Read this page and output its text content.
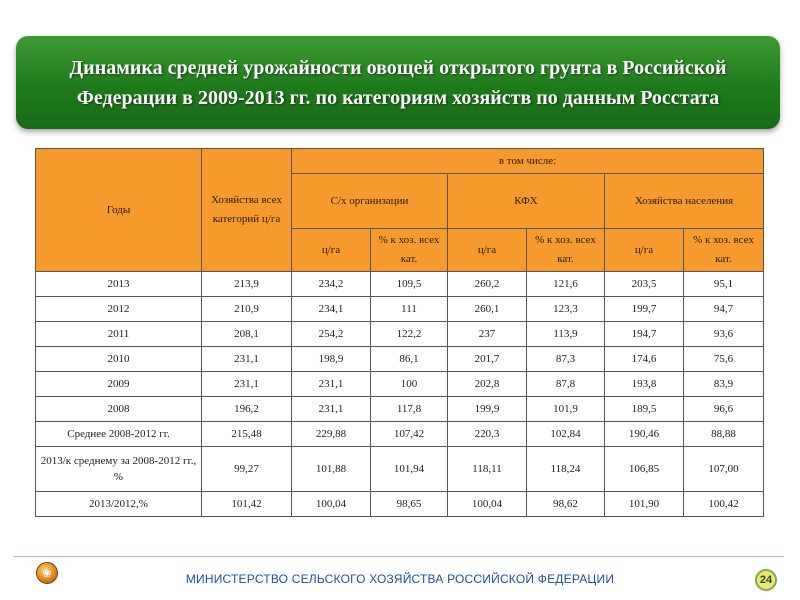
Динамика средней урожайности овощей открытого грунта в Российской
Федерации в 2009-2013 гг. по категориям хозяйств по данным Росстата
Годы	Хозяйства всех категорий ц/га	в том числе:					
		С/х организации		КФХ		Хозяйства населения	
		ц/га	% к хоз. всех кат.	ц/га	% к хоз. всех кат.	ц/га	% к хоз. всех кат.
2013	213,9	234,2	109,5	260,2	121,6	203,5	95,1
2012	210,9	234,1	111	260,1	123,3	199,7	94,7
2011	208,1	254,2	122,2	237	113,9	194,7	93,6
2010	231,1	198,9	86,1	201,7	87,3	174,6	75,6
2009	231,1	231,1	100	202,8	87,8	193,8	83,9
2008	196,2	231,1	117,8	199,9	101,9	189,5	96,6
Среднее 2008-2012 гг.	215,48	229,88	107,42	220,3	102,84	190,46	88,88
2013/к среднему за 2008-2012 гг., %	99,27	101,88	101,94	118,11	118,24	106,85	107,00
2013/2012,%	101,42	100,04	98,65	100,04	98,62	101,90	100,42
❀	МИНИСТЕРСТВО СЕЛЬСКОГО ХОЗЯЙСТВА РОССИЙСКОЙ ФЕДЕРАЦИИ	24
